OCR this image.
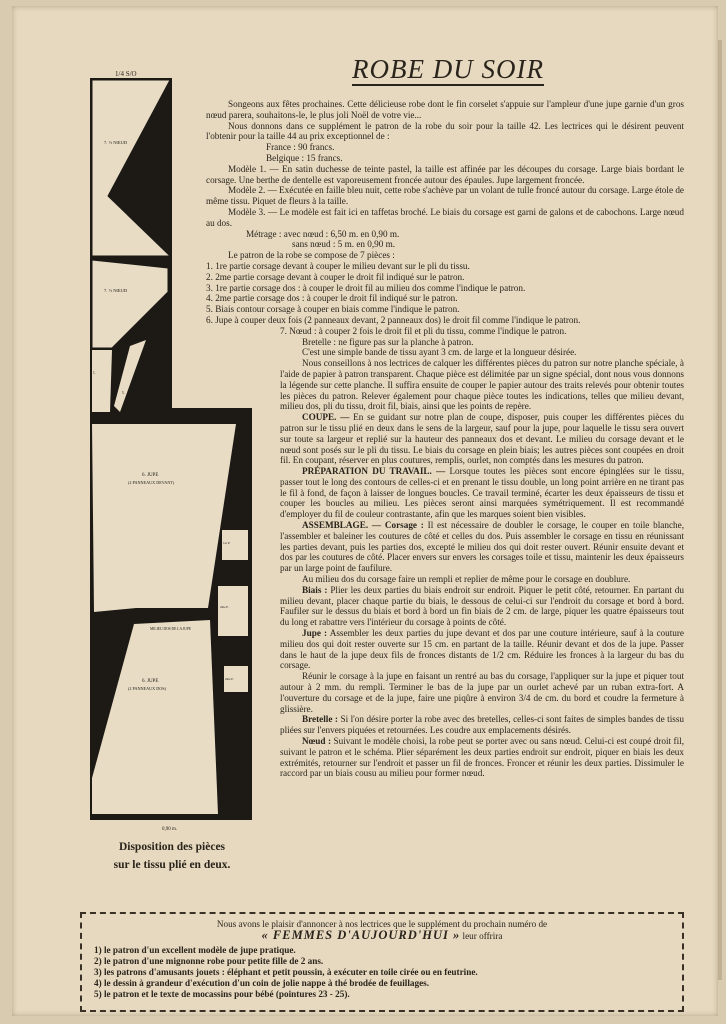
1/4 S/O	ROBE DU SOIR
7. ½ NŒUD
7. ½ NŒUD
1.
5.
6. JUPE
(2 PANNEAUX DEVANT)
MILIEU DOS DE LA JUPE
6. JUPE
(2 PANNEAUX DOS)
1re P.
2me P.
2me P.
0,90 m.
Disposition des pièces
sur le tissu plié en deux.

Songeons aux fêtes prochaines. Cette délicieuse robe dont le fin corselet s'appuie sur l'ampleur d'une jupe garnie d'un gros nœud parera, souhaitons-le, le plus joli Noël de votre vie...

Nous donnons dans ce supplément le patron de la robe du soir pour la taille 42. Les lectrices qui le désirent peuvent l'obtenir pour la taille 44 au prix exceptionnel de :

France : 90 francs.

Belgique : 15 francs.

Modèle 1. — En satin duchesse de teinte pastel, la taille est affinée par les découpes du corsage. Large biais bordant le corsage. Une berthe de dentelle est vaporeusement froncée autour des épaules. Jupe largement froncée.

Modèle 2. — Exécutée en faille bleu nuit, cette robe s'achève par un volant de tulle froncé autour du corsage. Large étole de même tissu. Piquet de fleurs à la taille.

Modèle 3. — Le modèle est fait ici en taffetas broché. Le biais du corsage est garni de galons et de cabochons. Large nœud au dos.

Métrage : avec nœud : 6,50 m. en 0,90 m.

sans nœud : 5 m. en 0,90 m.

Le patron de la robe se compose de 7 pièces :

1. 1re partie corsage devant à couper le milieu devant sur le pli du tissu.
2. 2me partie corsage devant à couper le droit fil indiqué sur le patron.
3. 1re partie corsage dos : à couper le droit fil au milieu dos comme l'indique le patron.
4. 2me partie corsage dos : à couper le droit fil indiqué sur le patron.
5. Biais contour corsage à couper en biais comme l'indique le patron.
6. Jupe à couper deux fois (2 panneaux devant, 2 panneaux dos) le droit fil comme l'indique le patron.

7. Nœud : à couper 2 fois le droit fil et pli du tissu, comme l'indique le patron.

Bretelle : ne figure pas sur la planche à patron.

C'est une simple bande de tissu ayant 3 cm. de large et la longueur désirée.

Nous conseillons à nos lectrices de calquer les différentes pièces du patron sur notre planche spéciale, à l'aide de papier à patron transparent. Chaque pièce est délimitée par un signe spécial, dont nous vous donnons la légende sur cette planche. Il suffira ensuite de couper le papier autour des traits relevés pour obtenir toutes les pièces du patron. Relever également pour chaque pièce toutes les indications, telles que milieu devant, milieu dos, pli du tissu, droit fil, biais, ainsi que les points de repère.

COUPE. — En se guidant sur notre plan de coupe, disposer, puis couper les différentes pièces du patron sur le tissu plié en deux dans le sens de la largeur, sauf pour la jupe, pour laquelle le tissu sera ouvert sur toute sa largeur et replié sur la hauteur des panneaux dos et devant. Le milieu du corsage devant et le nœud sont posés sur le pli du tissu. Le biais du corsage en plein biais; les autres pièces sont coupées en droit fil. En coupant, réserver en plus coutures, remplis, ourlet, non comptés dans les mesures du patron.

PRÉPARATION DU TRAVAIL. — Lorsque toutes les pièces sont encore épinglées sur le tissu, passer tout le long des contours de celles-ci et en prenant le tissu double, un long point arrière en ne tirant pas le fil à fond, de façon à laisser de longues boucles. Ce travail terminé, écarter les deux épaisseurs de tissu et couper les boucles au milieu. Les pièces seront ainsi marquées symétriquement. Il est recommandé d'employer du fil de couleur contrastante, afin que les marques soient bien visibles.

ASSEMBLAGE. — Corsage : Il est nécessaire de doubler le corsage, le couper en toile blanche, l'assembler et baleiner les coutures de côté et celles du dos. Puis assembler le corsage en tissu en réunissant les parties devant, puis les parties dos, excepté le milieu dos qui doit rester ouvert. Réunir ensuite devant et dos par les coutures de côté. Placer envers sur envers les corsages toile et tissu, maintenir les deux épaisseurs par un large point de faufilure.

Au milieu dos du corsage faire un rempli et replier de même pour le corsage en doublure.

Biais : Plier les deux parties du biais endroit sur endroit. Piquer le petit côté, retourner. En partant du milieu devant, placer chaque partie du biais, le dessous de celui-ci sur l'endroit du corsage et bord à bord. Faufiler sur le dessus du biais et bord à bord un fin biais de 2 cm. de large, piquer les quatre épaisseurs tout du long et rabattre vers l'intérieur du corsage à points de côté.

Jupe : Assembler les deux parties du jupe devant et dos par une couture intérieure, sauf à la couture milieu dos qui doit rester ouverte sur 15 cm. en partant de la taille. Réunir devant et dos de la jupe. Passer dans le haut de la jupe deux fils de fronces distants de 1/2 cm. Réduire les fronces à la largeur du bas du corsage.

Réunir le corsage à la jupe en faisant un rentré au bas du corsage, l'appliquer sur la jupe et piquer tout autour à 2 mm. du rempli. Terminer le bas de la jupe par un ourlet achevé par un ruban extra-fort. A l'ouverture du corsage et de la jupe, faire une piqûre à environ 3/4 de cm. du bord et coudre la fermeture à glissière.

Bretelle : Si l'on désire porter la robe avec des bretelles, celles-ci sont faites de simples bandes de tissu pliées sur l'envers piquées et retournées. Les coudre aux emplacements désirés.

Nœud : Suivant le modèle choisi, la robe peut se porter avec ou sans nœud. Celui-ci est coupé droit fil, suivant le patron et le schéma. Plier séparément les deux parties endroit sur endroit, piquer en biais les deux extrémités, retourner sur l'endroit et passer un fil de fronces. Froncer et réunir les deux parties. Dissimuler le raccord par un biais cousu au milieu pour former nœud.

Nous avons le plaisir d'annoncer à nos lectrices que le supplément du prochain numéro de
« FEMMES D'AUJOURD'HUI » leur offrira
1) le patron d'un excellent modèle de jupe pratique.
2) le patron d'une mignonne robe pour petite fille de 2 ans.
3) les patrons d'amusants jouets : éléphant et petit poussin, à exécuter en toile cirée ou en feutrine.
4) le dessin à grandeur d'exécution d'un coin de jolie nappe à thé brodée de feuillages.
5) le patron et le texte de mocassins pour bébé (pointures 23 - 25).
